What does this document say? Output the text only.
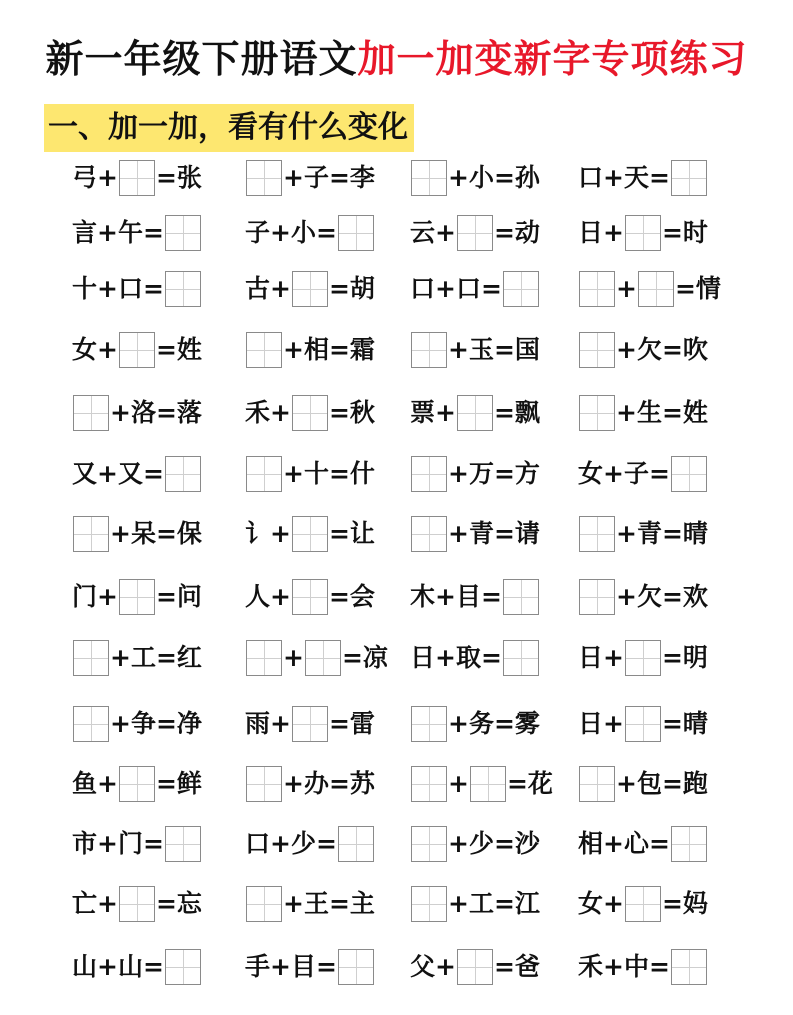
新一年级下册语文加一加变新字专项练习
一、加一加，看有什么变化
弓 + =张	+子=李	+小=孙 口+天=
言+午=	子+小=	云+ =动 日+ =时
十+口=	古+ =胡 口+口=	+ =情
女+ =姓	+相=霜	+玉=国	+欠=吹
+洛=落 禾+ =秋 票+ =飘	+生=姓
又+又=	+十=什	+万=方 女+子=
+呆=保 讠+ =让	+青=请	+青=晴
门+ =问 人+ =会 木+目=	+欠=欢
+工=红	+ =凉 日+取=	日+ =明
+争=净 雨+ =雷	+务=雾 日+ =晴
鱼+ =鲜	+办=苏	+ =花	+包=跑
市+门=	口+少=	+少=沙 相+心=
亡+ =忘	+王=主	+工=江 女+ =妈
山+山=	手+目=	父+ =爸 禾+中=
